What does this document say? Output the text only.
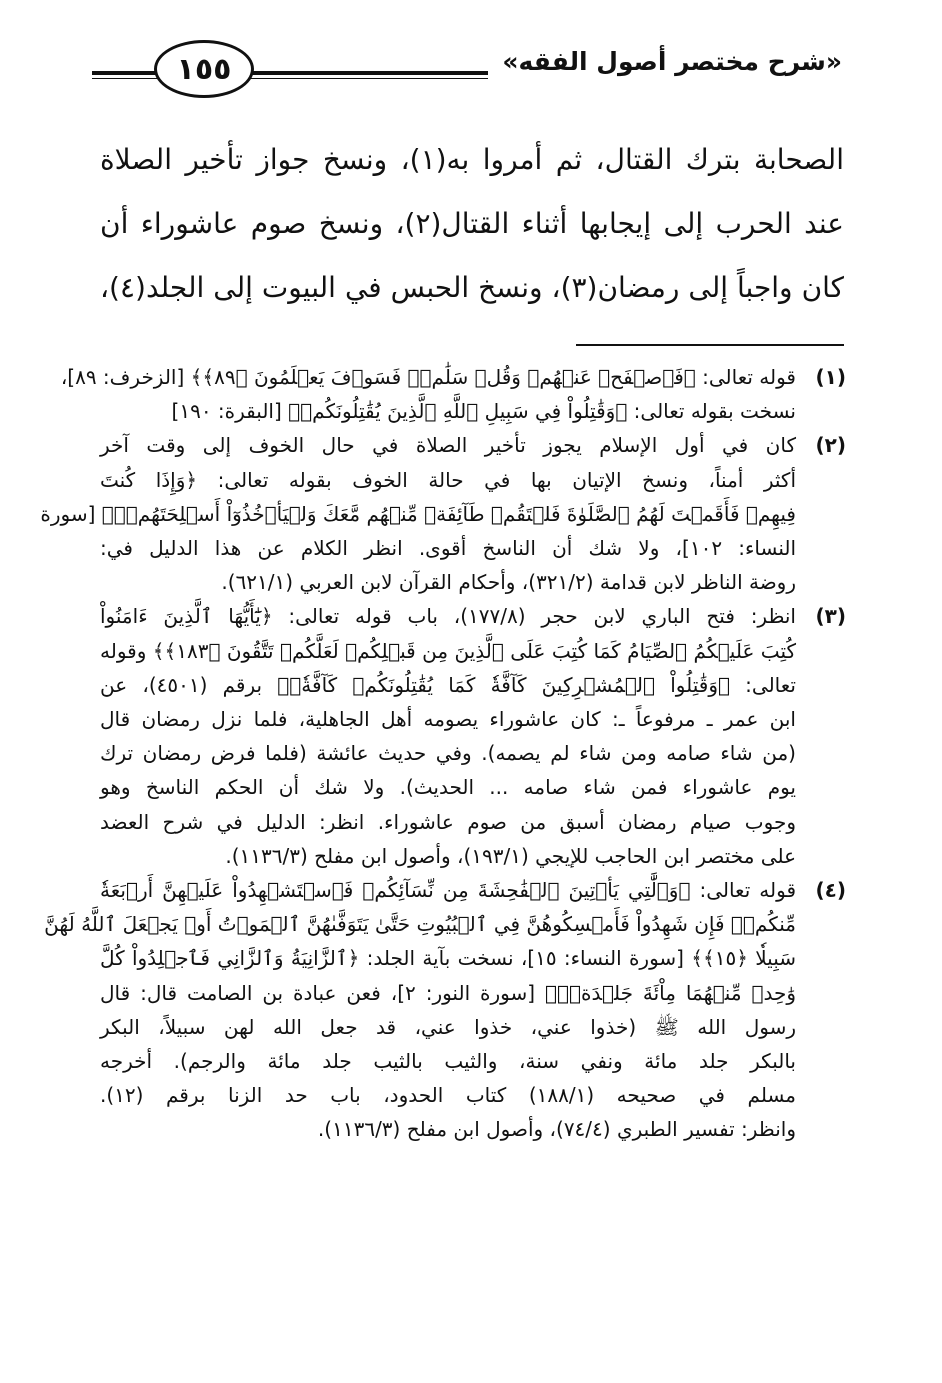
«شرح مختصر أصول الفقه»
١٥٥
الصحابة بترك القتال، ثم أمروا به(١)، ونسخ جواز تأخير الصلاة
عند الحرب إلى إيجابها أثناء القتال(٢)، ونسخ صوم عاشوراء أن
كان واجباً إلى رمضان(٣)، ونسخ الحبس في البيوت إلى الجلد(٤)،
(١)
قوله تعالى: ﴿فَٱصۡفَحۡ عَنۡهُمۡ وَقُلۡ سَلَٰمٞۚ فَسَوۡفَ يَعۡلَمُونَ ﴿٨٩﴾﴾ [الزخرف: ٨٩]،
نسخت بقوله تعالى: ﴿وَقَٰتِلُواْ فِي سَبِيلِ ٱللَّهِ ٱلَّذِينَ يُقَٰتِلُونَكُمۡ﴾ [البقرة: ١٩٠]
(٢)
كان في أول الإسلام يجوز تأخير الصلاة في حال الخوف إلى وقت آخر
أكثر أمناً، ونسخ الإتيان بها في حالة الخوف بقوله تعالى: ﴿وَإِذَا كُنتَ
فِيهِمۡ فَأَقَمۡتَ لَهُمُ ٱلصَّلَوٰةَ فَلۡتَقُمۡ طَآئِفَةٞ مِّنۡهُم مَّعَكَ وَلۡيَأۡخُذُوٓاْ أَسۡلِحَتَهُمۡۖ﴾ [سورة
النساء: ١٠٢]، ولا شك أن الناسخ أقوى. انظر الكلام عن هذا الدليل في:
روضة الناظر لابن قدامة (٣٢١/٢)، وأحكام القرآن لابن العربي (٦٢١/١).
(٣)
انظر: فتح الباري لابن حجر (١٧٧/٨)، باب قوله تعالى: ﴿يَٰٓأَيُّهَا ٱلَّذِينَ ءَامَنُواْ
كُتِبَ عَلَيۡكُمُ ٱلصِّيَامُ كَمَا كُتِبَ عَلَى ٱلَّذِينَ مِن قَبۡلِكُمۡ لَعَلَّكُمۡ تَتَّقُونَ ﴿١٨٣﴾﴾ وقوله
تعالى: ﴿وَقَٰتِلُواْ ٱلۡمُشۡرِكِينَ كَآفَّةٗ كَمَا يُقَٰتِلُونَكُمۡ كَآفَّةٗۚ﴾ برقم (٤٥٠١)، عن
ابن عمر ـ مرفوعاً ـ: كان عاشوراء يصومه أهل الجاهلية، فلما نزل رمضان قال
(من شاء صامه ومن شاء لم يصمه). وفي حديث عائشة (فلما فرض رمضان ترك
يوم عاشوراء فمن شاء صامه ... الحديث). ولا شك أن الحكم الناسخ وهو
وجوب صيام رمضان أسبق من صوم عاشوراء. انظر: الدليل في شرح العضد
على مختصر ابن الحاجب للإيجي (١٩٣/١)، وأصول ابن مفلح (١١٣٦/٣).
(٤)
قوله تعالى: ﴿وَٱلَّٰتِي يَأۡتِينَ ٱلۡفَٰحِشَةَ مِن نِّسَآئِكُمۡ فَٱسۡتَشۡهِدُواْ عَلَيۡهِنَّ أَرۡبَعَةٗ
مِّنكُمۡۖ فَإِن شَهِدُواْ فَأَمۡسِكُوهُنَّ فِي ٱلۡبُيُوتِ حَتَّىٰ يَتَوَفَّىٰهُنَّ ٱلۡمَوۡتُ أَوۡ يَجۡعَلَ ٱللَّهُ لَهُنَّ
سَبِيلٗا ﴿١٥﴾﴾ [سورة النساء: ١٥]، نسخت بآية الجلد: ﴿ٱلزَّانِيَةُ وَٱلزَّانِي فَٱجۡلِدُواْ كُلَّ
وَٰحِدٖ مِّنۡهُمَا مِاْئَةَ جَلۡدَةٖۖ﴾ [سورة النور: ٢]، فعن عبادة بن الصامت قال: قال
رسول الله ﷺ (خذوا عني، خذوا عني، قد جعل الله لهن سبيلاً، البكر
بالبكر جلد مائة ونفي سنة، والثيب بالثيب جلد مائة والرجم). أخرجه
مسلم في صحيحه (١٨٨/١) كتاب الحدود، باب حد الزنا برقم (١٢).
وانظر: تفسير الطبري (٧٤/٤)، وأصول ابن مفلح (١١٣٦/٣).
